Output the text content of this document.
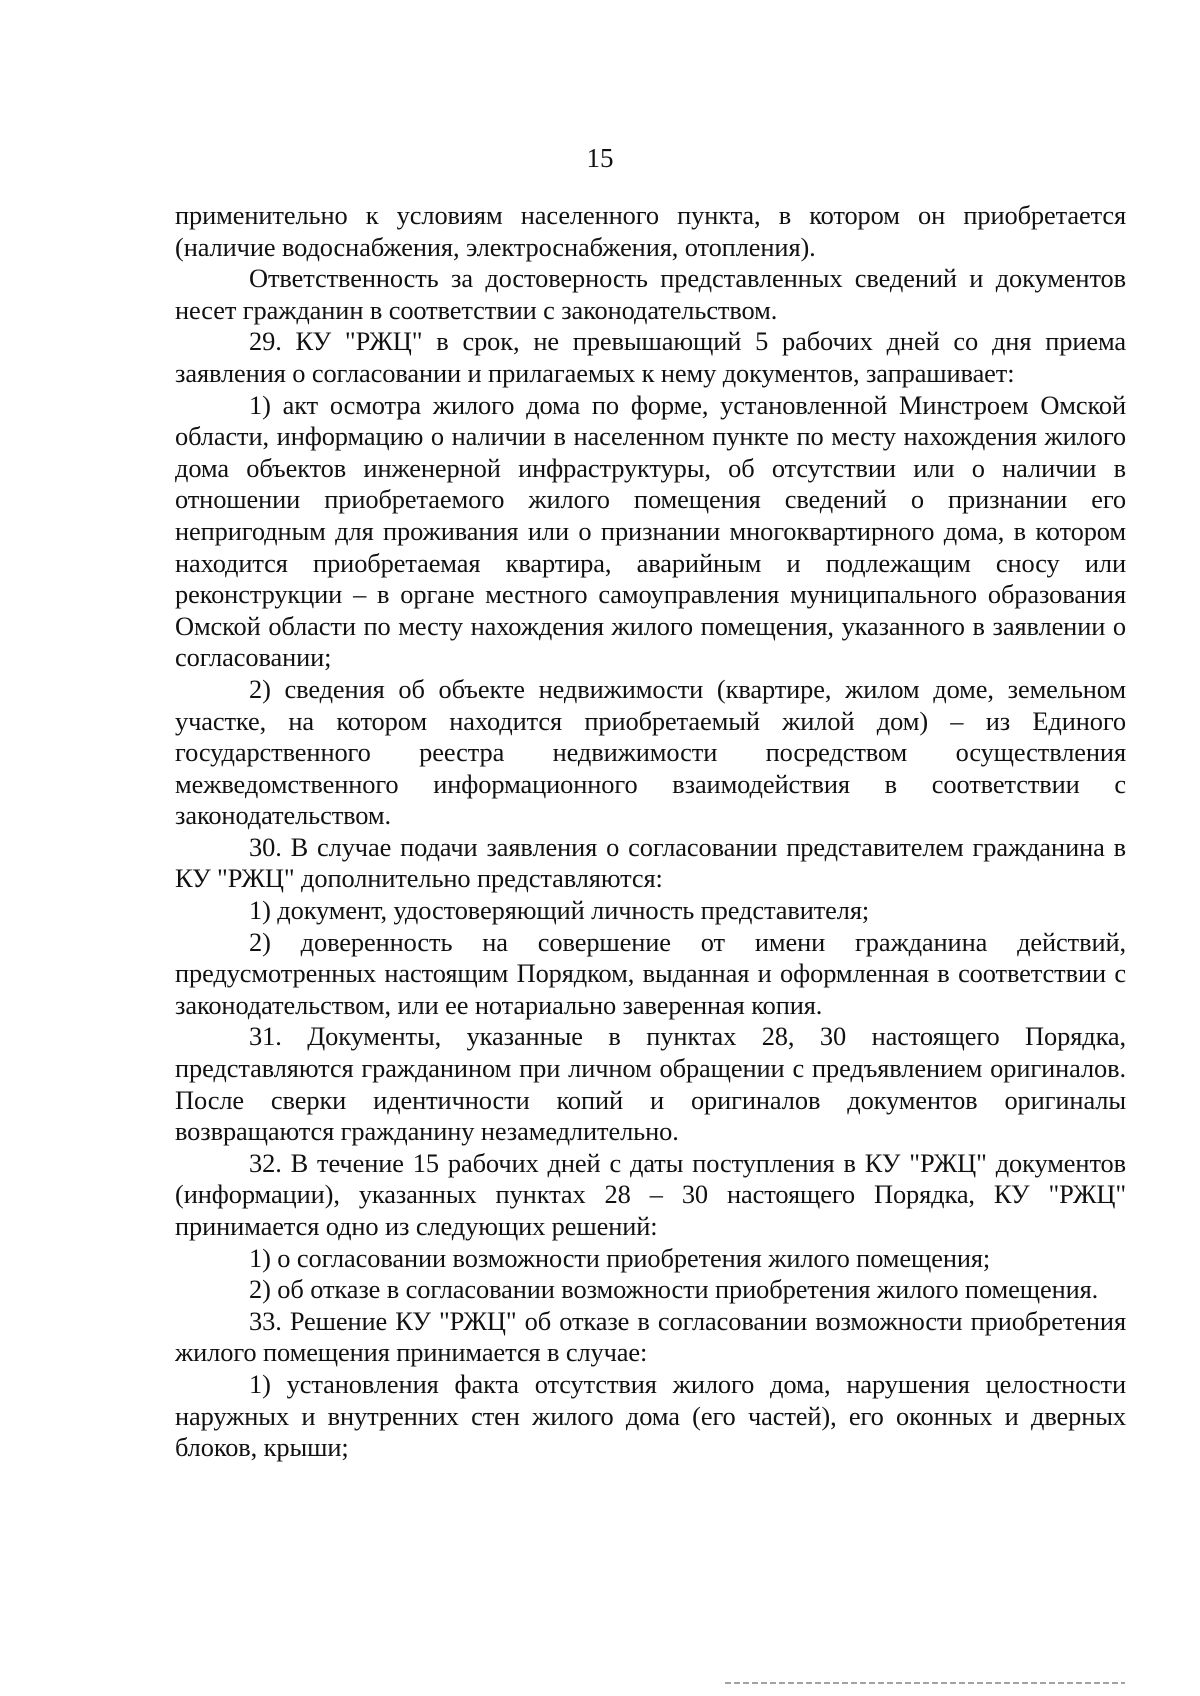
15

применительно к условиям населенного пункта, в котором он приобретается (наличие водоснабжения, электроснабжения, отопления).

Ответственность за достоверность представленных сведений и документов несет гражданин в соответствии с законодательством.

29. КУ "РЖЦ" в срок, не превышающий 5 рабочих дней со дня приема заявления о согласовании и прилагаемых к нему документов, запрашивает:

1) акт осмотра жилого дома по форме, установленной Минстроем Омской области, информацию о наличии в населенном пункте по месту нахождения жилого дома объектов инженерной инфраструктуры, об отсутствии или о наличии в отношении приобретаемого жилого помещения сведений о признании его непригодным для проживания или о признании многоквартирного дома, в котором находится приобретаемая квартира, аварийным и подлежащим сносу или реконструкции – в органе местного самоуправления муниципального образования Омской области по месту нахождения жилого помещения, указанного в заявлении о согласовании;

2) сведения об объекте недвижимости (квартире, жилом доме, земельном участке, на котором находится приобретаемый жилой дом) – из Единого государственного реестра недвижимости посредством осуществления межведомственного информационного взаимодействия в соответствии с законодательством.

30. В случае подачи заявления о согласовании представителем гражданина в КУ "РЖЦ" дополнительно представляются:

1) документ, удостоверяющий личность представителя;

2) доверенность на совершение от имени гражданина действий, предусмотренных настоящим Порядком, выданная и оформленная в соответствии с законодательством, или ее нотариально заверенная копия.

31. Документы, указанные в пунктах 28, 30 настоящего Порядка, представляются гражданином при личном обращении с предъявлением оригиналов. После сверки идентичности копий и оригиналов документов оригиналы возвращаются гражданину незамедлительно.

32. В течение 15 рабочих дней с даты поступления в КУ "РЖЦ" документов (информации), указанных пунктах 28 – 30 настоящего Порядка, КУ "РЖЦ" принимается одно из следующих решений:

1) о согласовании возможности приобретения жилого помещения;

2) об отказе в согласовании возможности приобретения жилого помещения.

33. Решение КУ "РЖЦ" об отказе в согласовании возможности приобретения жилого помещения принимается в случае:

1) установления факта отсутствия жилого дома, нарушения целостности наружных и внутренних стен жилого дома (его частей), его оконных и дверных блоков, крыши;
